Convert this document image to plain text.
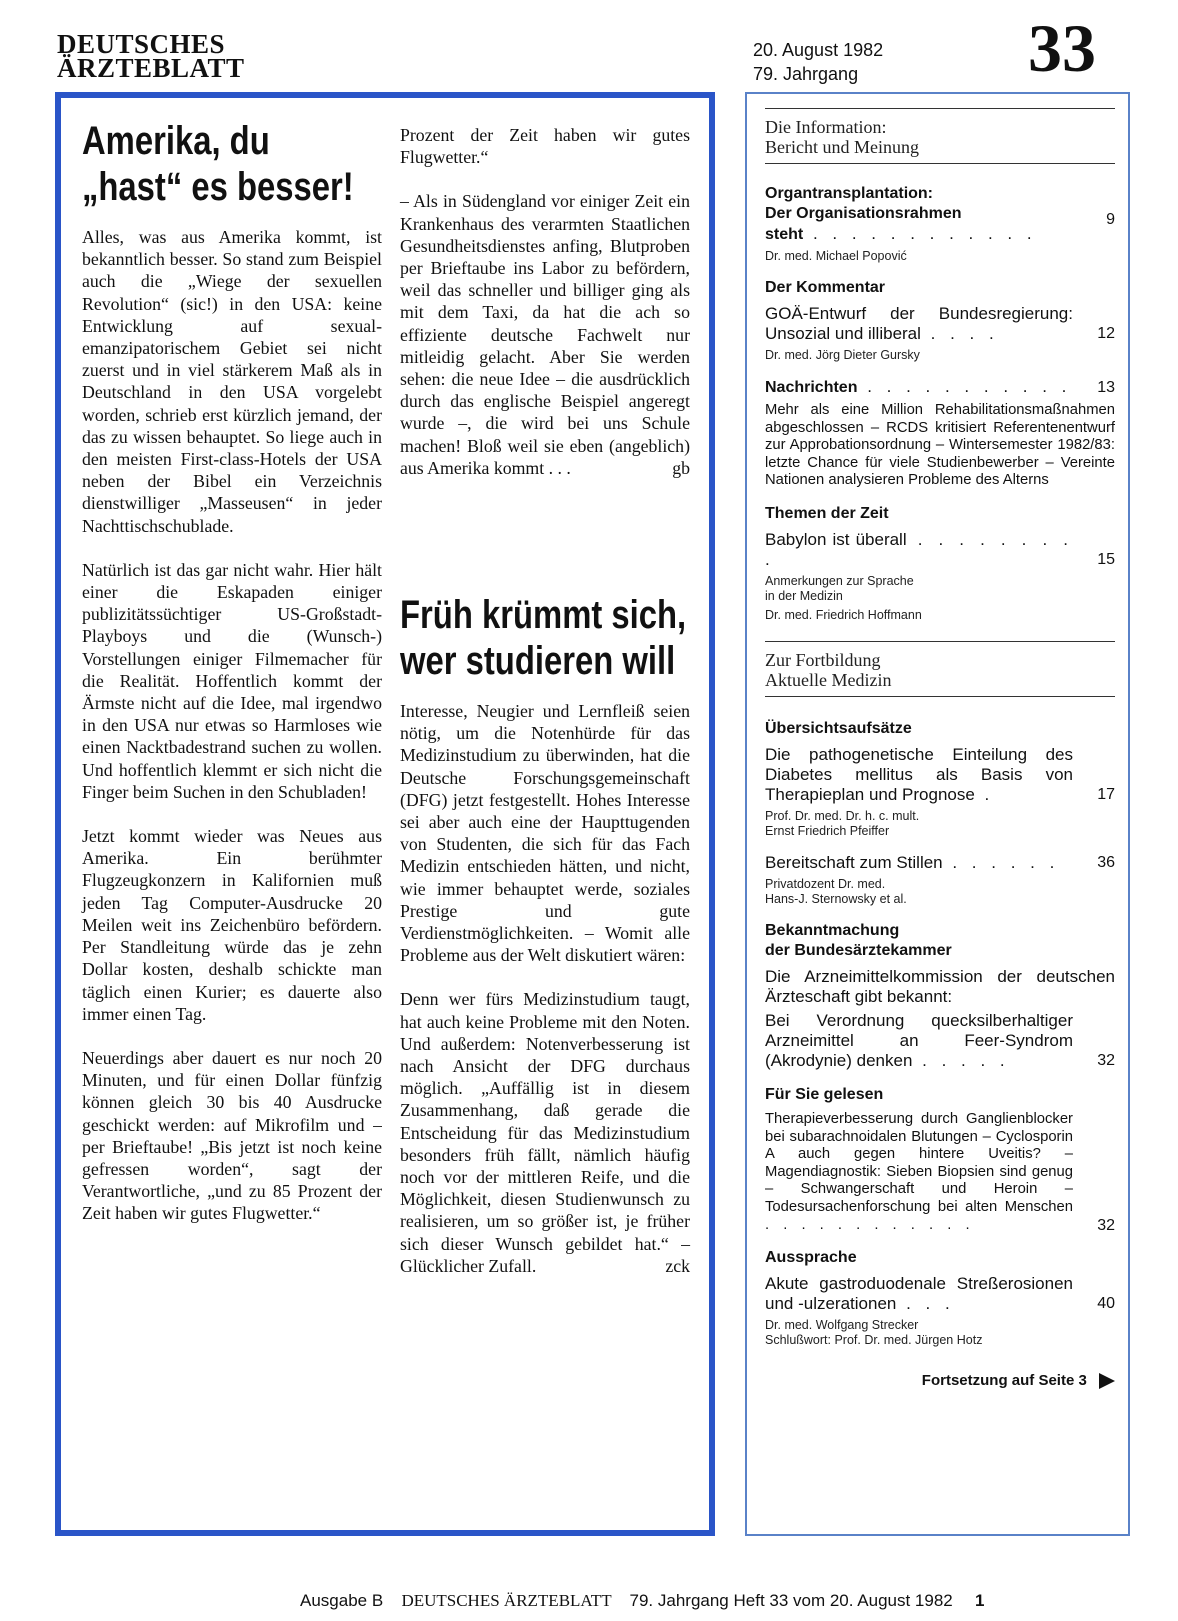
DEUTSCHES
ÄRZTEBLATT
20. August 1982
79. Jahrgang	33
Amerika, du
„hast“ es besser!

Alles, was aus Amerika kommt, ist bekanntlich besser. So stand zum Beispiel auch die „Wiege der sexuellen Revolution“ (sic!) in den USA: keine Entwicklung auf sexual-emanzipatorischem Gebiet sei nicht zuerst und in viel stärkerem Maß als in Deutschland in den USA vorgelebt worden, schrieb erst kürzlich jemand, der das zu wissen behauptet. So liege auch in den meisten First-class-Hotels der USA neben der Bibel ein Verzeichnis dienstwilliger „Masseusen“ in jeder Nachttischschublade.

Natürlich ist das gar nicht wahr. Hier hält einer die Eskapaden einiger publizitätssüchtiger US-Großstadt-Playboys und die (Wunsch-) Vorstellungen einiger Filmemacher für die Realität. Hoffentlich kommt der Ärmste nicht auf die Idee, mal irgendwo in den USA nur etwas so Harmloses wie einen Nacktbadestrand suchen zu wollen. Und hoffentlich klemmt er sich nicht die Finger beim Suchen in den Schubladen!

Jetzt kommt wieder was Neues aus Amerika. Ein berühmter Flugzeugkonzern in Kalifornien muß jeden Tag Computer-Ausdrucke 20 Meilen weit ins Zeichenbüro befördern. Per Standleitung würde das je zehn Dollar kosten, deshalb schickte man täglich einen Kurier; es dauerte also immer einen Tag.

Neuerdings aber dauert es nur noch 20 Minuten, und für einen Dollar fünfzig können gleich 30 bis 40 Ausdrucke geschickt werden: auf Mikrofilm und – per Brieftaube! „Bis jetzt ist noch keine gefressen worden“, sagt der Verantwortliche, „und zu 85 Prozent der Zeit haben wir gutes Flugwetter.“

Prozent der Zeit haben wir gutes Flugwetter.“

– Als in Südengland vor einiger Zeit ein Krankenhaus des verarmten Staatlichen Gesundheitsdienstes anfing, Blutproben per Brieftaube ins Labor zu befördern, weil das schneller und billiger ging als mit dem Taxi, da hat die ach so effiziente deutsche Fachwelt nur mitleidig gelacht. Aber Sie werden sehen: die neue Idee – die ausdrücklich durch das englische Beispiel angeregt wurde –, die wird bei uns Schule machen! Bloß weil sie eben (angeblich) aus Amerika kommt . . .	gb

Früh krümmt sich,
wer studieren will

Interesse, Neugier und Lernfleiß seien nötig, um die Notenhürde für das Medizinstudium zu überwinden, hat die Deutsche Forschungsgemeinschaft (DFG) jetzt festgestellt. Hohes Interesse sei aber auch eine der Haupttugenden von Studenten, die sich für das Fach Medizin entschieden hätten, und nicht, wie immer behauptet werde, soziales Prestige und gute Verdienstmöglichkeiten. – Womit alle Probleme aus der Welt diskutiert wären:

Denn wer fürs Medizinstudium taugt, hat auch keine Probleme mit den Noten. Und außerdem: Notenverbesserung ist nach Ansicht der DFG durchaus möglich. „Auffällig ist in diesem Zusammenhang, daß gerade die Entscheidung für das Medizinstudium besonders früh fällt, nämlich häufig noch vor der mittleren Reife, und die Möglichkeit, diesen Studienwunsch zu realisieren, um so größer ist, je früher sich dieser Wunsch gebildet hat.“ – Glücklicher Zufall.	zck

Die Information:
Bericht und Meinung
Organtransplantation:
Der Organisationsrahmen
steht . . . . . . . . . . . .
9
Dr. med. Michael Popović
Der Kommentar
GOÄ-Entwurf der Bundesregierung: Unsozial und illiberal . . . .	12
Dr. med. Jörg Dieter Gursky
Nachrichten . . . . . . . . . . . 13
Mehr als eine Million Rehabilitationsmaßnahmen abgeschlossen – RCDS kritisiert Referentenentwurf zur Approbationsordnung – Wintersemester 1982/83: letzte Chance für viele Studienbewerber – Vereinte Nationen analysieren Probleme des Alterns
Themen der Zeit
Babylon ist überall . . . . . . . . .	15
Anmerkungen zur Sprache
in der Medizin
Dr. med. Friedrich Hoffmann
Zur Fortbildung
Aktuelle Medizin
Übersichtsaufsätze
Die pathogenetische Einteilung des Diabetes mellitus als Basis von Therapieplan und Prognose .	17
Prof. Dr. med. Dr. h. c. mult.
Ernst Friedrich Pfeiffer
Bereitschaft zum Stillen . . . . . . 36
Privatdozent Dr. med.
Hans-J. Sternowsky et al.
Bekanntmachung
der Bundesärztekammer
Die Arzneimittelkommission der deutschen Ärzteschaft gibt bekannt:
Bei Verordnung quecksilberhaltiger Arzneimittel an Feer-Syndrom (Akrodynie) denken . . . . .	32
Für Sie gelesen
Therapieverbesserung durch Ganglienblocker bei subarachnoidalen Blutungen – Cyclosporin A auch gegen hintere Uveitis? – Magendiagnostik: Sieben Biopsien sind genug – Schwangerschaft und Heroin – Todesursachenforschung bei alten Menschen . . . . . . . . . . . .	32
Aussprache
Akute gastroduodenale Streßerosionen und -ulzerationen . . .	40
Dr. med. Wolfgang Strecker
Schlußwort: Prof. Dr. med. Jürgen Hotz
Fortsetzung auf Seite 3
Ausgabe B DEUTSCHES ÄRZTEBLATT 79. Jahrgang Heft 33 vom 20. August 1982 1
